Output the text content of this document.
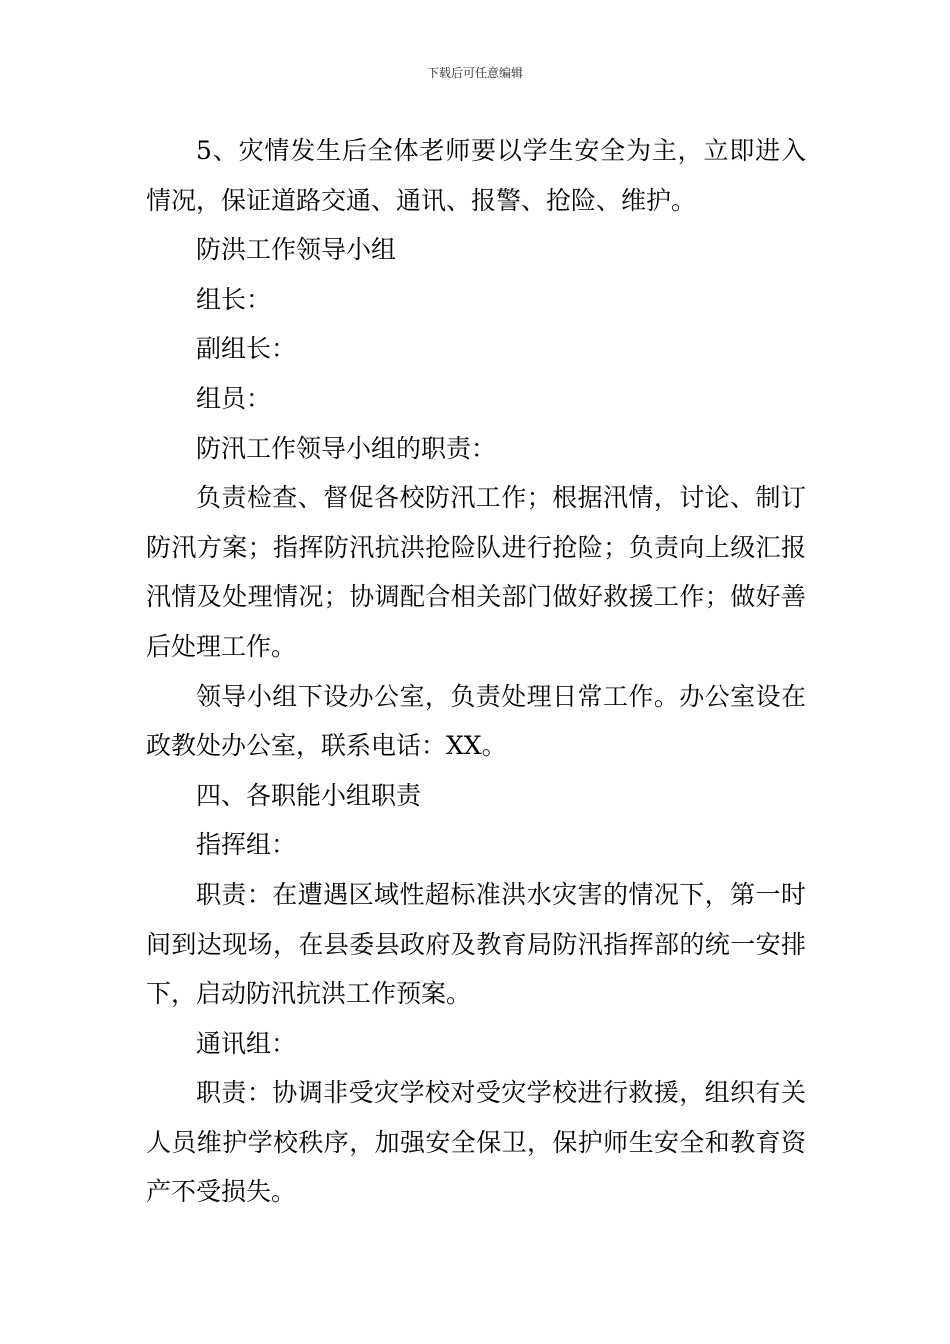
下载后可任意编辑

5、灾情发生后全体老师要以学生安全为主，立即进入情况，保证道路交通、通讯、报警、抢险、维护。

防洪工作领导小组

组长：

副组长：

组员：

防汛工作领导小组的职责：

负责检查、督促各校防汛工作；根据汛情，讨论、制订防汛方案；指挥防汛抗洪抢险队进行抢险；负责向上级汇报汛情及处理情况；协调配合相关部门做好救援工作；做好善后处理工作。

领导小组下设办公室，负责处理日常工作。办公室设在政教处办公室，联系电话：XX。

四、各职能小组职责

指挥组：

职责：在遭遇区域性超标准洪水灾害的情况下，第一时间到达现场，在县委县政府及教育局防汛指挥部的统一安排下，启动防汛抗洪工作预案。

通讯组：

职责：协调非受灾学校对受灾学校进行救援，组织有关人员维护学校秩序，加强安全保卫，保护师生安全和教育资产不受损失。
